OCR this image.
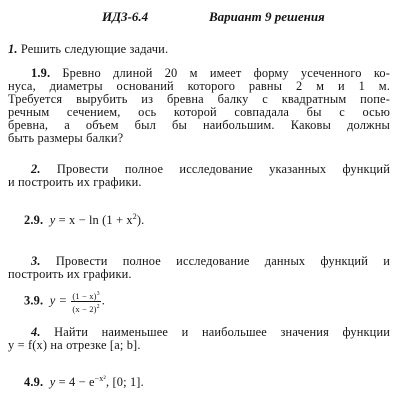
ИДЗ-6.4	Вариант 9 решения
1. Решить следующие задачи.
1.9. Бревно длиной 20 м имеет форму усеченного ко-
нуса, диаметры оснований которого равны 2 м и 1 м.
Требуется вырубить из бревна балку с квадратным попе-
речным сечением, ось которой совпадала бы с осью
бревна, а объем был бы наибольшим. Каковы должны
быть размеры балки?
2. Провести полное исследование указанных функций
и построить их графики.
2.9. $y = x - \ln (1 + x^2)$.
3. Провести полное исследование данных функций и
построить их графики.
3.9. $y = \frac{(1 - x)^3}{(x - 2)^2}$ .
4. Найти наименьшее и наибольшее значения функции
y = f(x) на отрезке [a; b].
4.9. $y = 4 - e^{-x^2}$, [0; 1].
